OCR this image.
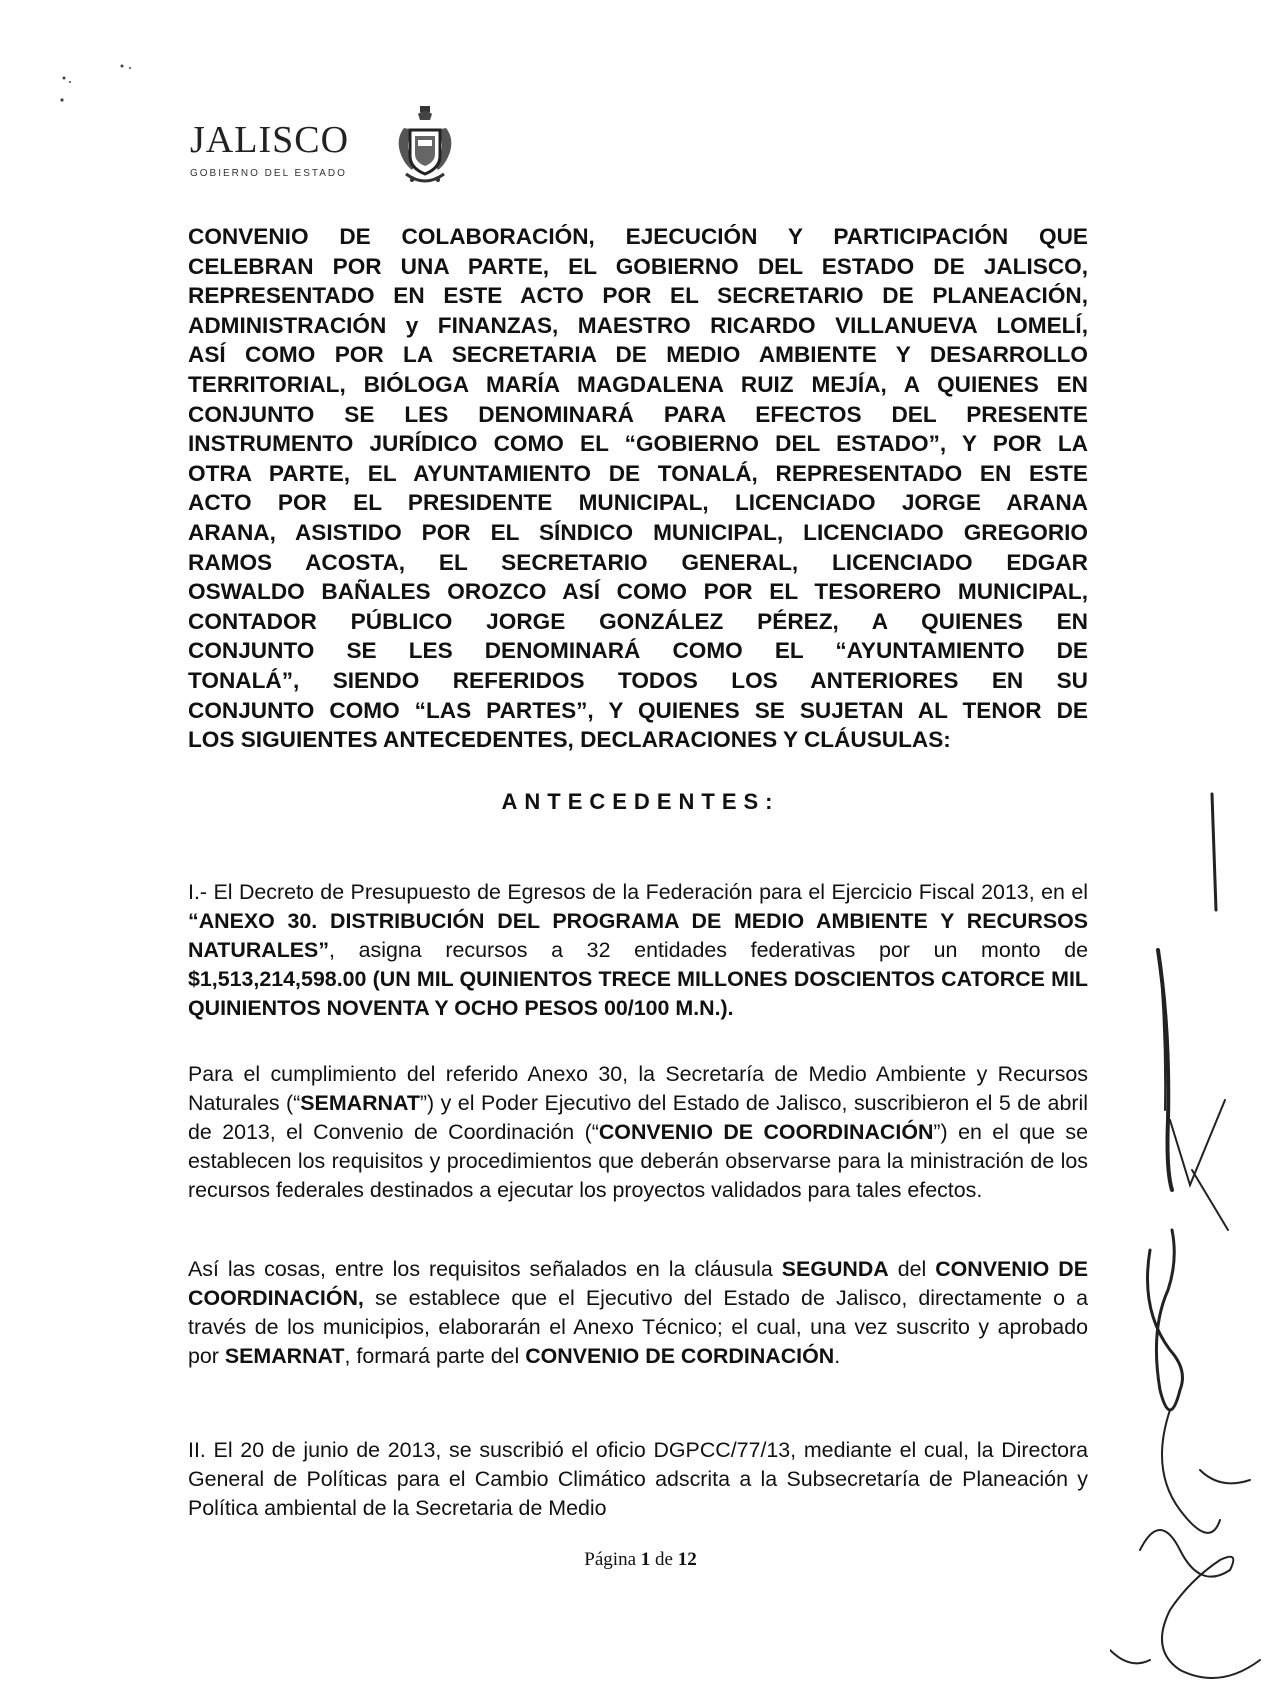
JALISCO
GOBIERNO DEL ESTADO
CONVENIO DE COLABORACIÓN, EJECUCIÓN Y PARTICIPACIÓN QUE
CELEBRAN POR UNA PARTE, EL GOBIERNO DEL ESTADO DE JALISCO,
REPRESENTADO EN ESTE ACTO POR EL SECRETARIO DE PLANEACIÓN,
ADMINISTRACIÓN y FINANZAS, MAESTRO RICARDO VILLANUEVA LOMELÍ,
ASÍ COMO POR LA SECRETARIA DE MEDIO AMBIENTE Y DESARROLLO
TERRITORIAL, BIÓLOGA MARÍA MAGDALENA RUIZ MEJÍA, A QUIENES EN
CONJUNTO SE LES DENOMINARÁ PARA EFECTOS DEL PRESENTE
INSTRUMENTO JURÍDICO COMO EL “GOBIERNO DEL ESTADO”, Y POR LA
OTRA PARTE, EL AYUNTAMIENTO DE TONALÁ, REPRESENTADO EN ESTE
ACTO POR EL PRESIDENTE MUNICIPAL, LICENCIADO JORGE ARANA
ARANA, ASISTIDO POR EL SÍNDICO MUNICIPAL, LICENCIADO GREGORIO
RAMOS ACOSTA, EL SECRETARIO GENERAL, LICENCIADO EDGAR
OSWALDO BAÑALES OROZCO ASÍ COMO POR EL TESORERO MUNICIPAL,
CONTADOR PÚBLICO JORGE GONZÁLEZ PÉREZ, A QUIENES EN
CONJUNTO SE LES DENOMINARÁ COMO EL “AYUNTAMIENTO DE
TONALÁ”, SIENDO REFERIDOS TODOS LOS ANTERIORES EN SU
CONJUNTO COMO “LAS PARTES”, Y QUIENES SE SUJETAN AL TENOR DE
LOS SIGUIENTES ANTECEDENTES, DECLARACIONES Y CLÁUSULAS:

ANTECEDENTES:

I.- El Decreto de Presupuesto de Egresos de la Federación para el Ejercicio Fiscal 2013, en el “ANEXO 30. DISTRIBUCIÓN DEL PROGRAMA DE MEDIO AMBIENTE Y RECURSOS NATURALES”, asigna recursos a 32 entidades federativas por un monto de $1,513,214,598.00 (UN MIL QUINIENTOS TRECE MILLONES DOSCIENTOS CATORCE MIL QUINIENTOS NOVENTA Y OCHO PESOS 00/100 M.N.).

Para el cumplimiento del referido Anexo 30, la Secretaría de Medio Ambiente y Recursos Naturales (“SEMARNAT”) y el Poder Ejecutivo del Estado de Jalisco, suscribieron el 5 de abril de 2013, el Convenio de Coordinación (“CONVENIO DE COORDINACIÓN”) en el que se establecen los requisitos y procedimientos que deberán observarse para la ministración de los recursos federales destinados a ejecutar los proyectos validados para tales efectos.

Así las cosas, entre los requisitos señalados en la cláusula SEGUNDA del CONVENIO DE COORDINACIÓN, se establece que el Ejecutivo del Estado de Jalisco, directamente o a través de los municipios, elaborarán el Anexo Técnico; el cual, una vez suscrito y aprobado por SEMARNAT, formará parte del CONVENIO DE CORDINACIÓN.

II. El 20 de junio de 2013, se suscribió el oficio DGPCC/77/13, mediante el cual, la Directora General de Políticas para el Cambio Climático adscrita a la Subsecretaría de Planeación y Política ambiental de la Secretaria de Medio

Página 1 de 12
